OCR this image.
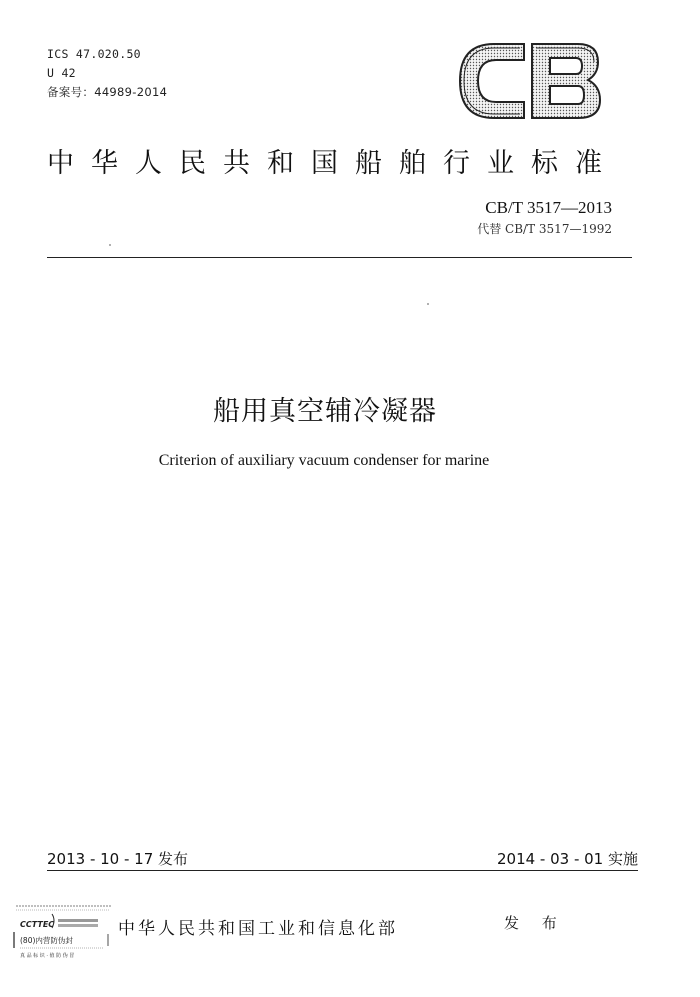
ICS 47.020.50
U 42
备案号：44989-2014
中华人民共和国船舶行业标准
CB/T 3517—2013
代替 CB/T 3517—1992
船用真空辅冷凝器
Criterion of auxiliary vacuum condenser for marine
2013 - 10 - 17 发布	2014 - 03 - 01 实施
CCTTEC
(80)内营防伪封
真 品 标 识 · 值 防 伪 冒
中华人民共和国工业和信息化部	发 布
